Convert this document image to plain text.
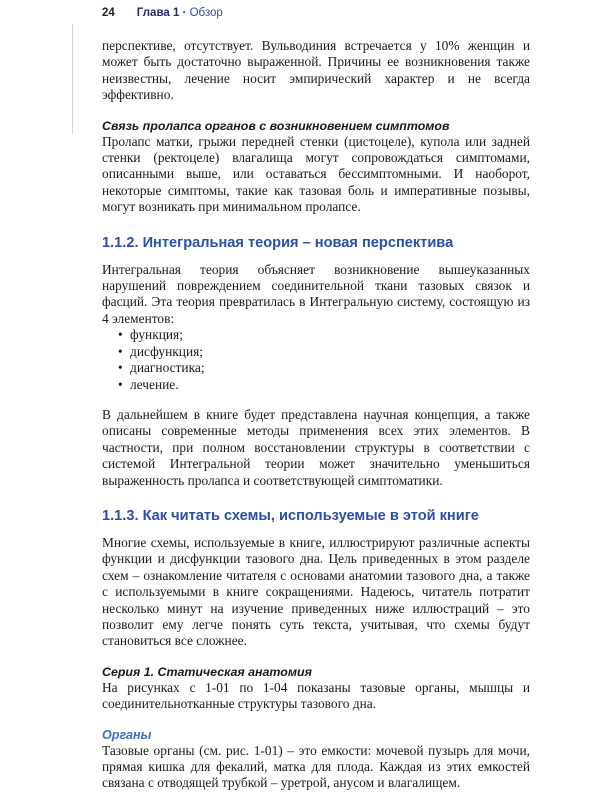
24 Глава 1 · Обзор

перспективе, отсутствует. Вульводиния встречается у 10% женщин и может быть достаточно выраженной. Причины ее возникновения также неизвестны, лечение носит эмпирический характер и не всегда эффективно.

Связь пролапса органов с возникновением симптомов

Пролапс матки, грыжи передней стенки (цистоцеле), купола или задней стенки (ректоцеле) влагалища могут сопровождаться симптомами, описанными выше, или оставаться бессимптомными. И наоборот, некоторые симптомы, такие как тазовая боль и императивные позывы, могут возникать при минимальном пролапсе.

1.1.2. Интегральная теория – новая перспектива

Интегральная теория объясняет возникновение вышеуказанных нарушений повреждением соединительной ткани тазовых связок и фасций. Эта теория превратилась в Интегральную систему, состоящую из 4 элементов:

• функция;
• дисфункция;
• диагностика;
• лечение.

В дальнейшем в книге будет представлена научная концепция, а также описаны современные методы применения всех этих элементов. В частности, при полном восстановлении структуры в соответствии с системой Интегральной теории может значительно уменьшиться выраженность пролапса и соответствующей симптоматики.

1.1.3. Как читать схемы, используемые в этой книге

Многие схемы, используемые в книге, иллюстрируют различные аспекты функции и дисфункции тазового дна. Цель приведенных в этом разделе схем – ознакомление читателя с основами анатомии тазового дна, а также с используемыми в книге сокращениями. Надеюсь, читатель потратит несколько минут на изучение приведенных ниже иллюстраций – это позволит ему легче понять суть текста, учитывая, что схемы будут становиться все сложнее.

Серия 1. Статическая анатомия

На рисунках с 1-01 по 1-04 показаны тазовые органы, мышцы и соединительнотканные структуры тазового дна.

Органы

Тазовые органы (см. рис. 1-01) – это емкости: мочевой пузырь для мочи, прямая кишка для фекалий, матка для плода. Каждая из этих емкостей связана с отводящей трубкой – уретрой, анусом и влагалищем.
